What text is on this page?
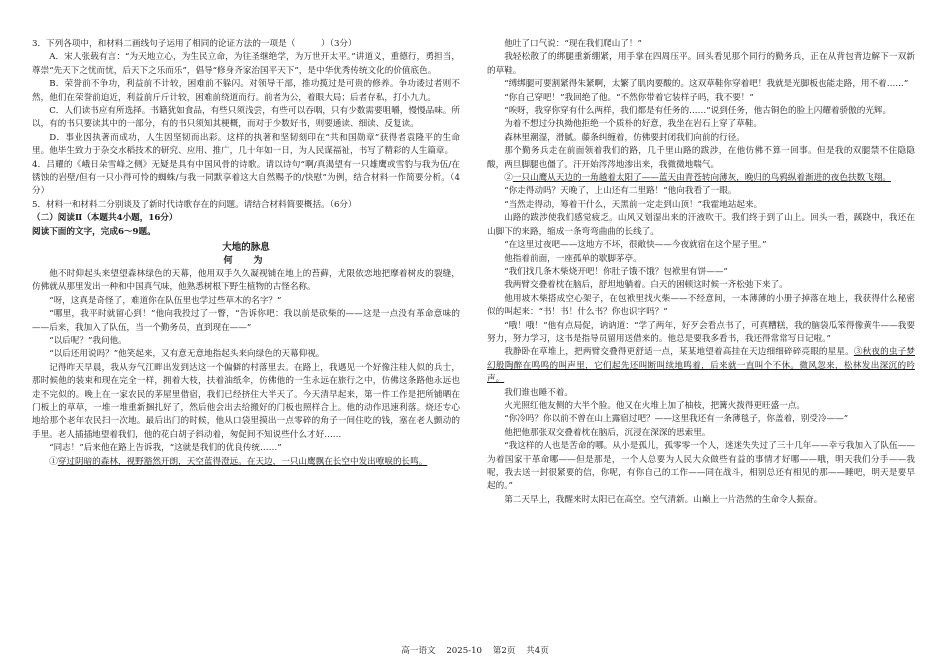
3．下列各项中，和材料二画线句子运用了相同的论证方法的一项是（　　　）（3分）

A．宋人张载有言：“为天地立心，为生民立命，为往圣继绝学，为万世开太平。”讲道义，重德行，勇担当，尊崇“先天下之忧而忧，后天下之乐而乐”，倡导“修身齐家治国平天下”，是中华优秀传统文化的价值底色。

B．荣誉前不争功，利益前不计较，困难前不躲闪。对领导干部，推功揽过是可贵的修养。争功诿过者则不然，他们在荣誉前迫近，利益前斤斤计较，困难前绕道而行。前者为公，着眼大局；后者存私，打小九九。

C．人们读书应有所选择。书籍犹如食品，有些只须浅尝，有些可以吞咽，只有少数需要咀嚼，慢慢品味。所以，有的书只要读其中的一部分，有的书只须知其梗概，而对于少数好书，则要通读、细读、反复读。

D．事业因执著而成功，人生因坚韧而出彩。这样的执著和坚韧刻印在“共和国勋章”获得者袁隆平的生命里。他毕生致力于杂交水稻技术的研究、应用、推广，几十年如一日，为人民谋福祉，书写了精彩的人生篇章。

4．吕耀的《峨日朵雪峰之侧》无疑是具有中国风骨的诗歌。请以诗句“啊/真渴望有一只雄鹰或雪豹与我为伍/在锈蚀的岩壁/但有一只小得可怜的蜘蛛/与我一同默享着这大自然赐予的/快慰”为例，结合材料一作简要分析。（4分）

5．材料一和材料二分别谈及了新时代诗歌存在的问题。请结合材料简要概括。（6分）

（二）阅读Ⅱ（本题共4小题，16分）

阅读下面的文字，完成6～9题。

大地的脉息

何　为

他不时仰起头来望望森林绿色的天幕，他用双手久久凝视铺在地上的苔藓，尤限依恋地把摩着树皮的裂缝，仿佛就从那里发出一种和中国真气味，他熟悉树根下野生植物的古怪名称。

“呀，这真是奇怪了，难道你在队伍里也学过些草木的名字？”

“哪里，我平时就留心到！”他向我投过了一瞥，“告诉你吧：我以前是砍柴的——这是一点没有革命意味的——后来，我加入了队伍，当一个勤务员，直到现在——”

“以后呢？”我问他。

“以后还用说吗？”他笑起来，又有意无意地指起头来向绿色的天幕仰视。

记得昨天早晨，我从夯气江畔出发到达这一个偏僻的村落里去。在路上，我遇见一个好像注桂人似的兵士，那时候他的装束和现在完全一样，拥着大枝，扶着油纸伞，仿佛他的一生永远在旅行之中，仿佛这条路他永远也走不完似的。晚上在一家农民的茅屋里借宿，我们已经挤住大半天了。今天清早起来，第一件工作是把所铺晒在门板上的草草，一堆一堆重新捆扎好了，然后他会出去给搬好的门板也照样合上。他的动作迅速利落。烧还专心地给那个老年农民扫一次地。最后出门的时候，他从口袋里摸出一点零碎的角子一间住吃的钱，塞在老人颤动的手里。老人插插地望着我们，他的花白胡子斜动着，匆促间不知说些什么才好……

“同志！”后来他在路上告诉我，“这就是我们的优良传统……”

①穿过阴暗的森林，视野豁然开朗，天空蓝得澄远。在天边，一只山鹰飘在长空中发出嘹唳的长鸣。

他吐了口气说：“现在我们爬山了！”

我轻松散了的绑腿重新绷紧，用手掌在四周压平。回头看见那个同行的勤务兵，正在从背包背边解下一双新的草鞋。

“缚绑腿可要割紧得朱紧啊，太繁了肌肉要酸的。这双草鞋你穿着吧！我就是光脚板也能走路，用不着……”

“你自己穿吧！”我回绝了他。“不然你带着它装样子吗，我不要！”

“唉呀，我穿你穿有什么两样，我们都是有任务的……”说到任务，他古铜色的脸上闪耀着骄傲的光辉。

为着不想过分执拗他拒绝一个质朴的好意，我坐在岩石上穿了草鞋。

森林里潮湿，滑腻。藤条纠缠着，仿佛要封闭我们向前的行径。

那个勤务兵走在前面领着我们的路，几千里山路的跋涉，在他仿佛不算一回事。但是我的双腿禁不住隐隐酸，两旦脚腿也僵了。汗开始涔涔地渗出来，我微微地喘气。

②一只山鹰从天边的一角越着太阳了——蓝天由青苍转向薄灰，晚归的鸟鸦纵着渐进的夜色扶数飞翔。

“你走得动吗？天晚了，上山还有二里路！”他向我看了一眼。

“当然走得动，筹着干什么，天黑前一定走到山顶！”我霍地站起来。

山路的跋涉使我们感觉疲乏。山风又划湿出来的汗液吹干。我们终于到了山上。回头一看，蹊跷中，我还在山脚下的来路，缩成一条弯弯曲曲的长线了。

“在这里过夜吧——这地方不坏，很敞快——今夜就宿在这个屋子里。”

他指着前面，一座孤单的歇脚茅亭。

“我们找几条木柴烧开吧！你肚子饿不饿？包袱里有饼——”

我两臂交叠着枕在脑后，舒坦地躺着。白天的困顿这时候一齐松弛下来了。

他用坡木柴搭成空心架子，在包袱里找火柴——不经意间，一本薄薄的小册子掉落在地上，我获得什么秘密似的叫起来：“书！书！什么书？你也识字吗？”

“哦！哦！”他有点局促，讷讷道：“学了两年，好歹会看点书了，可真糟糕，我的脑袋瓜笨得像黄牛——我要努力，努力学习，这书是指导员留用送借来的。他总是要我多看书，我还得常常写日记啦。”

我静卧在草堆上，把两臂交叠得更舒适一点，某某地望着高挂在天边细细碎碎亮眼的星星。③秋夜的虫子梦幻般陶醉在鸣鸣的叫声里，它们起先还叫断叫续地鸣着，后来就一直叫个不休。微风忽来，松林发出深沉的吟声。

我们谁也睡不着。

火光照红他友侧的大半个脸。他又在火堆上加了柚枝，把篝火拨得更旺盛一点。

“你冷吗？你以前不曾在山上露宿过吧？——这里我还有一条薄毯子，你盖着，别受冷——”

他把他那张双交叠着枕在脑后，沉浸在深深的思索里。

“我这样的人也是苦命的哪。从小是孤儿，孤零零一个人，迷迷失失过了三十几年——幸亏我加入了队伍——为着国家干革命哪——但是那是，一个人总要为人民大众做些有益的事情才好哪——哦，明天我们分手——我呢，我去送一封很紧要的信，你呢，有你自己的工作——同在战斗，相别总还有相见的那——睡吧，明天是要早起的。”

第二天早上，我醒来时太阳已在高空。空气清新。山巅上一片浩然的生命令人振奋。

高一语文 2025-10 第2页 共4页
